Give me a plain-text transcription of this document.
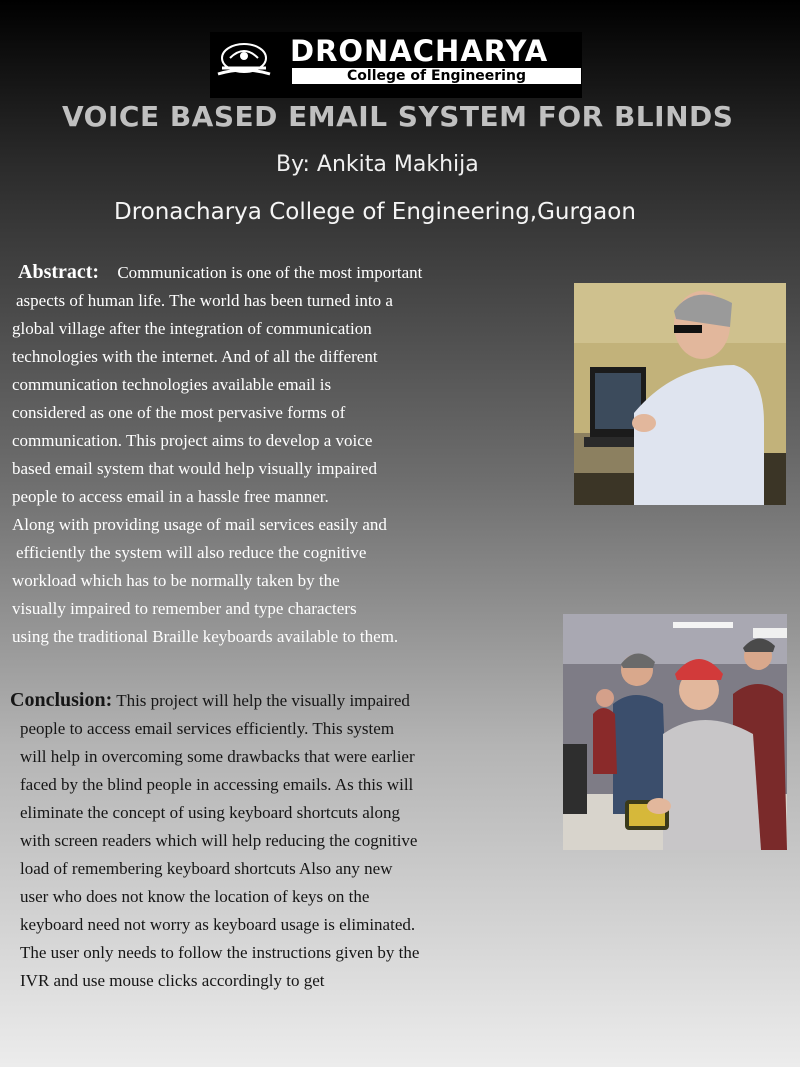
DRONACHARYA
College of Engineering
VOICE BASED EMAIL SYSTEM FOR BLINDS
By: Ankita Makhija
Dronacharya College of Engineering,Gurgaon
Abstract: Communication is one of the most important
aspects of human life. The world has been turned into a
global village after the integration of communication
technologies with the internet. And of all the different
communication technologies available email is
considered as one of the most pervasive forms of
communication. This project aims to develop a voice
based email system that would help visually impaired
people to access email in a hassle free manner.
Along with providing usage of mail services easily and
efficiently the system will also reduce the cognitive
workload which has to be normally taken by the
visually impaired to remember and type characters
using the traditional Braille keyboards available to them.
Conclusion: This project will help the visually impaired
people to access email services efficiently. This system
will help in overcoming some drawbacks that were earlier
faced by the blind people in accessing emails. As this will
eliminate the concept of using keyboard shortcuts along
with screen readers which will help reducing the cognitive
load of remembering keyboard shortcuts Also any new
user who does not know the location of keys on the
keyboard need not worry as keyboard usage is eliminated.
The user only needs to follow the instructions given by the
IVR and use mouse clicks accordingly to get
